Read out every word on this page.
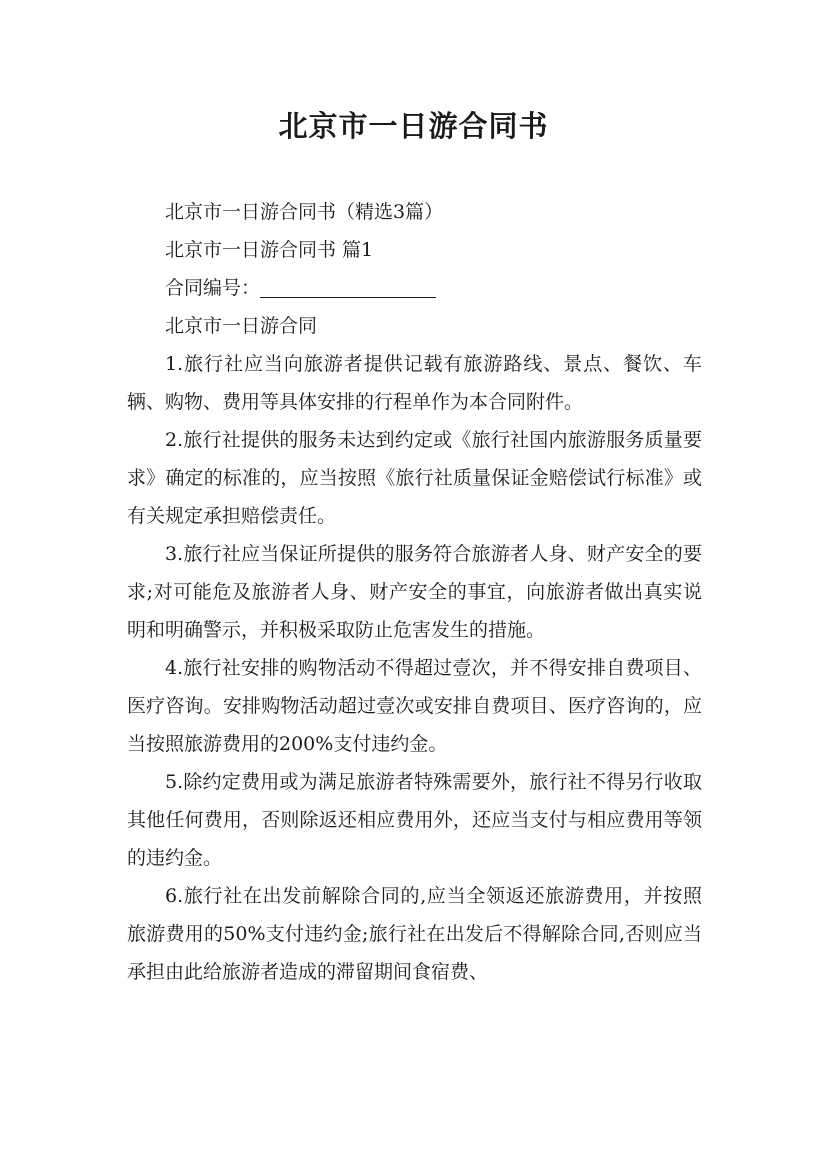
北京市一日游合同书

北京市一日游合同书（精选3篇）

北京市一日游合同书 篇1

合同编号：

北京市一日游合同

1.旅行社应当向旅游者提供记载有旅游路线、景点、餐饮、车辆、购物、费用等具体安排的行程单作为本合同附件。

2.旅行社提供的服务未达到约定或《旅行社国内旅游服务质量要求》确定的标准的，应当按照《旅行社质量保证金赔偿试行标准》或有关规定承担赔偿责任。

3.旅行社应当保证所提供的服务符合旅游者人身、财产安全的要求;对可能危及旅游者人身、财产安全的事宜，向旅游者做出真实说明和明确警示，并积极采取防止危害发生的措施。

4.旅行社安排的购物活动不得超过壹次，并不得安排自费项目、医疗咨询。安排购物活动超过壹次或安排自费项目、医疗咨询的，应当按照旅游费用的200%支付违约金。

5.除约定费用或为满足旅游者特殊需要外，旅行社不得另行收取其他任何费用，否则除返还相应费用外，还应当支付与相应费用等领的违约金。

6.旅行社在出发前解除合同的,应当全领返还旅游费用，并按照旅游费用的50%支付违约金;旅行社在出发后不得解除合同,否则应当承担由此给旅游者造成的滞留期间食宿费、
